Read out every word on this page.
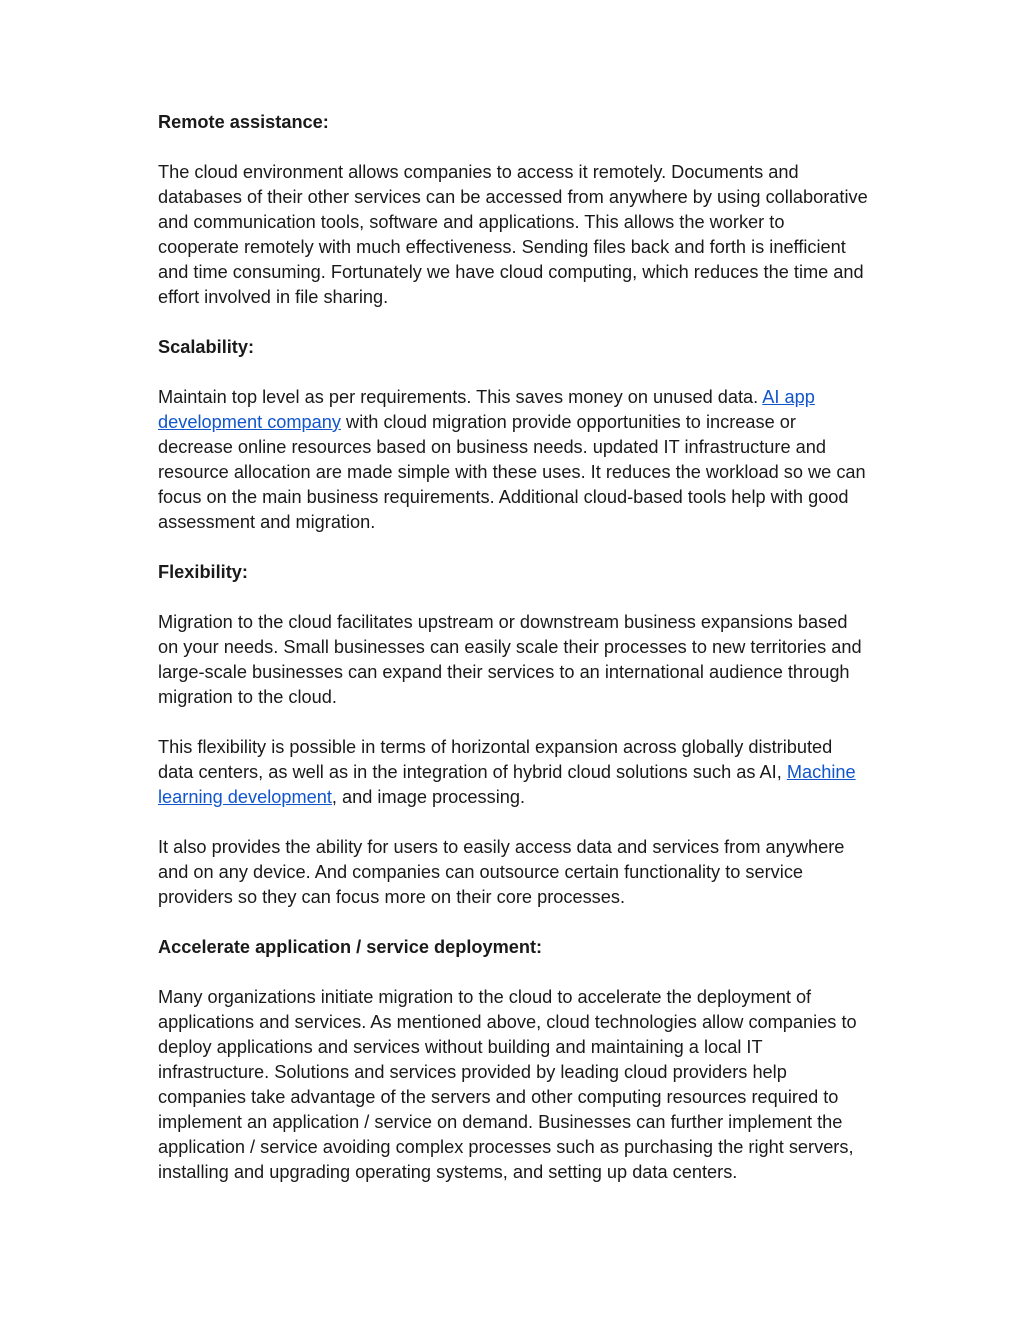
Remote assistance:

The cloud environment allows companies to access it remotely. Documents and databases of their other services can be accessed from anywhere by using collaborative and communication tools, software and applications. This allows the worker to cooperate remotely with much effectiveness. Sending files back and forth is inefficient and time consuming. Fortunately we have cloud computing, which reduces the time and effort involved in file sharing.

Scalability:

Maintain top level as per requirements. This saves money on unused data. AI app development company with cloud migration provide opportunities to increase or decrease online resources based on business needs. updated IT infrastructure and resource allocation are made simple with these uses. It reduces the workload so we can focus on the main business requirements. Additional cloud-based tools help with good assessment and migration.

Flexibility:

Migration to the cloud facilitates upstream or downstream business expansions based on your needs. Small businesses can easily scale their processes to new territories and large-scale businesses can expand their services to an international audience through migration to the cloud.

This flexibility is possible in terms of horizontal expansion across globally distributed data centers, as well as in the integration of hybrid cloud solutions such as AI, Machine learning development, and image processing.

It also provides the ability for users to easily access data and services from anywhere and on any device. And companies can outsource certain functionality to service providers so they can focus more on their core processes.

Accelerate application / service deployment:

Many organizations initiate migration to the cloud to accelerate the deployment of applications and services. As mentioned above, cloud technologies allow companies to deploy applications and services without building and maintaining a local IT infrastructure. Solutions and services provided by leading cloud providers help companies take advantage of the servers and other computing resources required to implement an application / service on demand. Businesses can further implement the application / service avoiding complex processes such as purchasing the right servers, installing and upgrading operating systems, and setting up data centers.
